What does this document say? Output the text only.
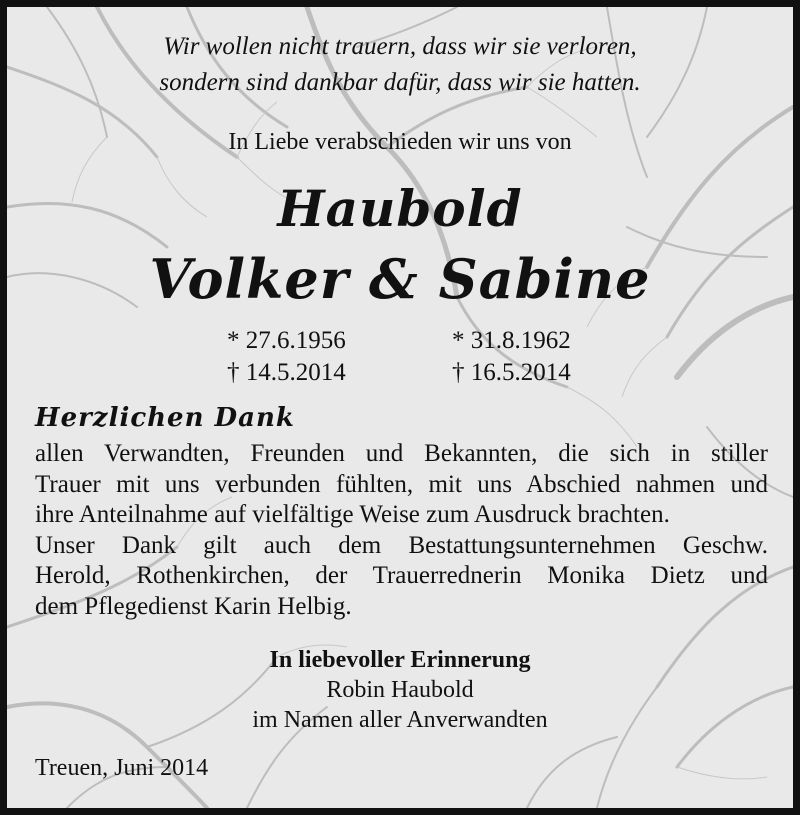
Wir wollen nicht trauern, dass wir sie verloren,

sondern sind dankbar dafür, dass wir sie hatten.

In Liebe verabschieden wir uns von

Haubold

Volker & Sabine

* 27.6.1956

† 14.5.2014

* 31.8.1962

† 16.5.2014

Herzlichen Dank

allen Verwandten, Freunden und Bekannten, die sich in stiller
Trauer mit uns verbunden fühlten, mit uns Abschied nahmen und
ihre Anteilnahme auf vielfältige Weise zum Ausdruck brachten.
Unser Dank gilt auch dem Bestattungsunternehmen Geschw.
Herold, Rothenkirchen, der Trauerrednerin Monika Dietz und
dem Pflegedienst Karin Helbig.

In liebevoller Erinnerung

Robin Haubold

im Namen aller Anverwandten

Treuen, Juni 2014
